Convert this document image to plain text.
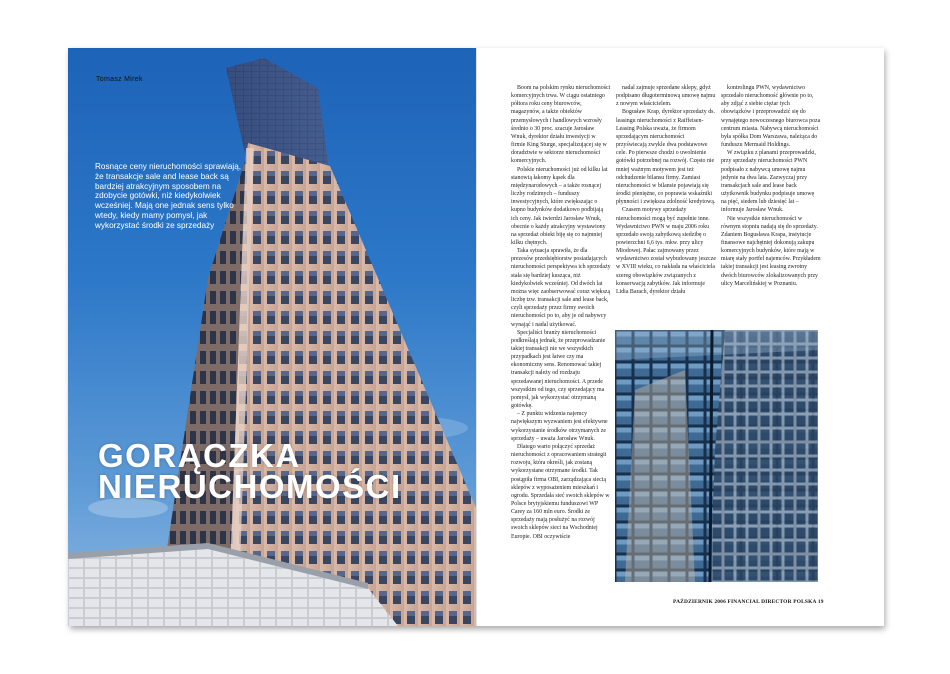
Tomasz Mirek
Rosnące ceny nieruchomości sprawiają, że transakcje sale and lease back są bardziej atrakcyjnym sposobem na zdobycie gotówki, niż kiedykolwiek wcześniej. Mają one jednak sens tylko wtedy, kiedy mamy pomysł, jak wykorzystać środki ze sprzedaży
GORĄCZKA
NIERUCHOMOŚCI

Boom na polskim rynku nieruchomości komercyjnych trwa. W ciągu ostatniego półtora roku ceny biurowców, magazynów, a także obiektów przemysłowych i handlowych wzrosły średnio o 30 proc. szacuje Jarosław Wnuk, dyrektor działu inwestycji w firmie King Sturge, specjalizującej się w doradztwie w sektorze nieruchomości komercyjnych.

Polskie nieruchomości już od kilku lat stanowią łakomy kąsek dla międzynarodowych – a także rosnącej liczby rodzimych – funduszy inwestycyjnych, które zwiększając o kupno budynków dodatkowo podbijają ich ceny. Jak twierdzi Jarosław Wnuk, obecnie o każdy atrakcyjny wystawiony na sprzedaż obiekt biję się co najmniej kilku chętnych.

Taka sytuacja sprawiła, że dla prezesów przedsiębiorstw posiadających nieruchomości perspektywa ich sprzedaży stała się bardziej kusząca, niż kiedykolwiek wcześniej. Od dwóch lat można więc zaobserwować coraz większą liczbę tzw. transakcji sale and lease back, czyli sprzedaży przez firmy swoich nieruchomości po to, aby je od nabywcy wynająć i nadal użytkować.

Specjaliści branży nieruchomości podkreślają jednak, że przeprowadzanie takiej transakcji nie we wszystkich przypadkach jest łatwe czy ma ekonomiczny sens. Renomować takiej transakcji należy od rozdzaju sprzedawanej nieruchomości. A przede wszystkim od tego, czy sprzedający ma pomysł, jak wykorzystać otrzymaną gotówkę.

– Z punktu widzenia najemcy największym wyzwaniem jest efektywne wykorzystanie środków otrzymanych ze sprzedaży – uważa Jarosław Wnuk.

Dlatego warto połączyć sprzedaż nieruchomości z opracowaniem strategii rozwoju, która określi, jak zostaną wykorzystane otrzymane środki. Tak postąpiła firma OBI, zarządzająca siecią sklepów z wyposażeniem mieszkań i ogrodu. Sprzedała sieć swoich sklepów w Polsce brytyjskiemu funduszowi WP Carey za 160 mln euro. Środki ze sprzedaży mają posłużyć na rozwój swoich sklepów sieci na Wschodniej Europie. OBI oczywiście

nadal zajmuje sprzedane sklepy, gdyż podpisano długoterminową umowę najmu z nowym właścicielem.

Bogusław Krap, dyrektor sprzedaży ds. leasingu nieruchomości z Raiffeisen-Leasing Polska uważa, że firmom sprzedającym nieruchomości przyświecają zwykle dwa podstawowe cele. Po pierwsze chodzi o uwolnienie gotówki potrzebnej na rozwój. Często nie mniej ważnym motywem jest też odchudzenie bilansu firmy. Zamiast nieruchomości w bilansie pojawiają się środki pieniężne, co poprawia wskaźniki płynności i zwiększa zdolność kredytową.

Czasem motywy sprzedaży nieruchomości mogą być zupełnie inne. Wydawnictwo PWN w maju 2006 roku sprzedało swoją zabytkową siedzibę o powierzchni 6,6 tys. mkw. przy ulicy Miodowej. Pałac zajmowany przez wydawnictwo został wybudowany jeszcze w XVIII wieku, co nakłada na właściciela szereg obowiązków związanych z konserwacją zabytków. Jak informuje Lidia Barach, dyrektor działu

kontrolingu PWN, wydawnictwo sprzedało nieruchomość głównie po to, aby zdjąć z siebie ciężar tych obowiązków i przeprowadzić się do wynajętego nowoczesnego biurowca poza centrum miasta. Nabywcą nieruchomości była spółka Dom Warszawa, należąca do funduszu Mermaid Holdings.

W związku z planami przeprowadzki, przy sprzedaży nieruchomości PWN podpisało z nabywcą umowę najmu jedynie na dwa lata. Zazwyczaj przy transakcjach sale and lease back użytkownik budynku podpisuje umowę na pięć, siedem lub dziesięć lat – informuje Jarosław Wnuk.

Nie wszystkie nieruchomości w równym stopniu nadają się do sprzedaży. Zdaniem Bogusława Krapa, instytucje finansowe najchętniej dokonują zakupu komercyjnych budynków, które mają w miarę stały portfel najemców. Przykładem takiej transakcji jest leasing zwrotny dwóch biurowców zlokalizowanych przy ulicy Marcelińskiej w Poznaniu.

PAŹDZIERNIK 2006 FINANCIAL DIRECTOR POLSKA 19
